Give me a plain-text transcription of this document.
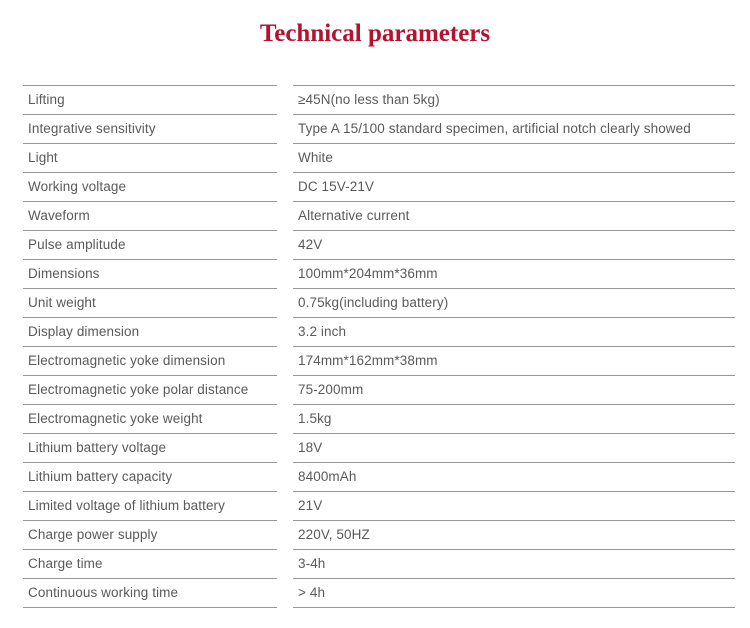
Technical parameters
Lifting		≥45N(no less than 5kg)
Integrative sensitivity		Type A 15/100 standard specimen, artificial notch clearly showed
Light		White
Working voltage		DC 15V-21V
Waveform		Alternative current
Pulse amplitude		42V
Dimensions		100mm*204mm*36mm
Unit weight		0.75kg(including battery)
Display dimension		3.2 inch
Electromagnetic yoke dimension		174mm*162mm*38mm
Electromagnetic yoke polar distance		75-200mm
Electromagnetic yoke weight		1.5kg
Lithium battery voltage		18V
Lithium battery capacity		8400mAh
Limited voltage of lithium battery		21V
Charge power supply		220V, 50HZ
Charge time		3-4h
Continuous working time		> 4h
